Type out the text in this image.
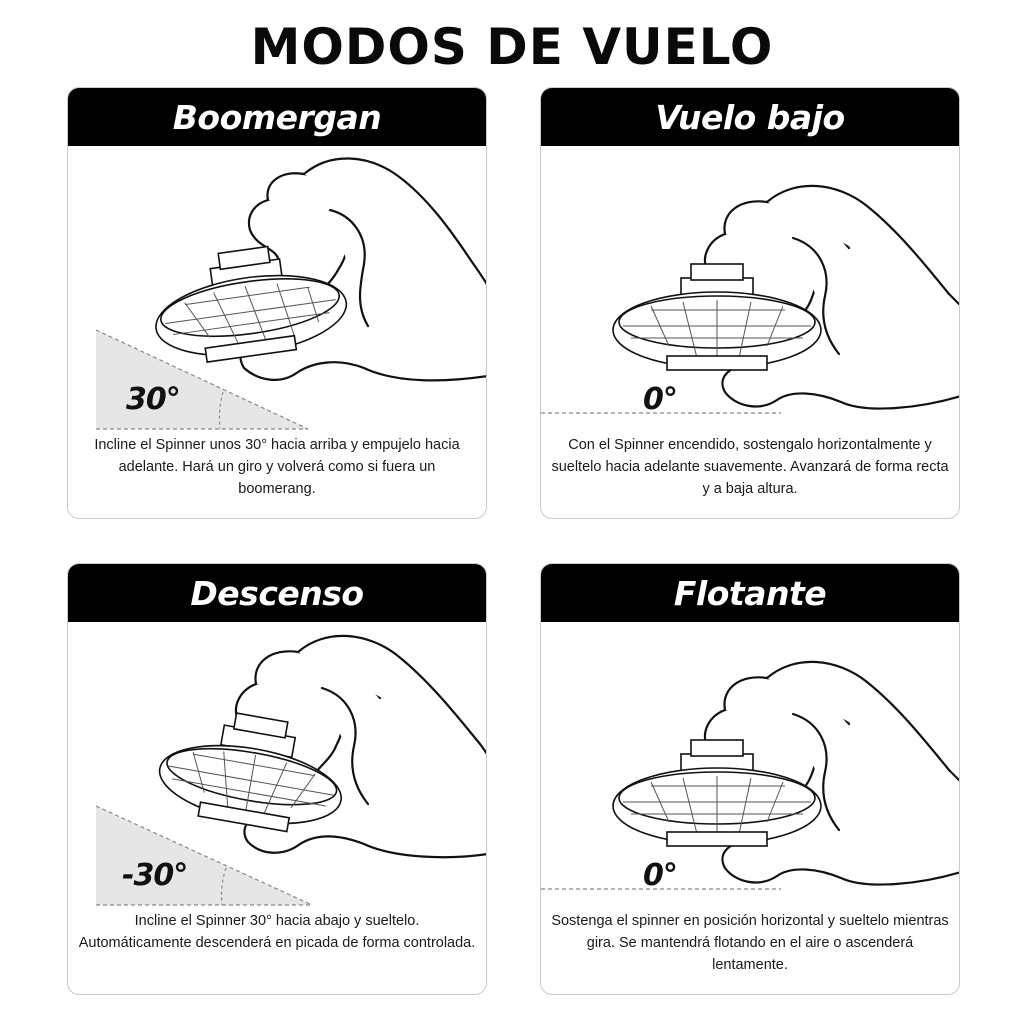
MODOS DE VUELO
Boomergan
30°
Incline el Spinner unos 30° hacia arriba y empujelo hacia adelante. Hará un giro y volverá como si fuera un boomerang.
Vuelo bajo
0°
Con el Spinner encendido, sostengalo horizontalmente y sueltelo hacia adelante suavemente. Avanzará de forma recta y a baja altura.
Descenso
-30°
Incline el Spinner 30° hacia abajo y sueltelo. Automáticamente descenderá en picada de forma controlada.
Flotante
0°
Sostenga el spinner en posición horizontal y sueltelo mientras gira. Se mantendrá flotando en el aire o ascenderá lentamente.
